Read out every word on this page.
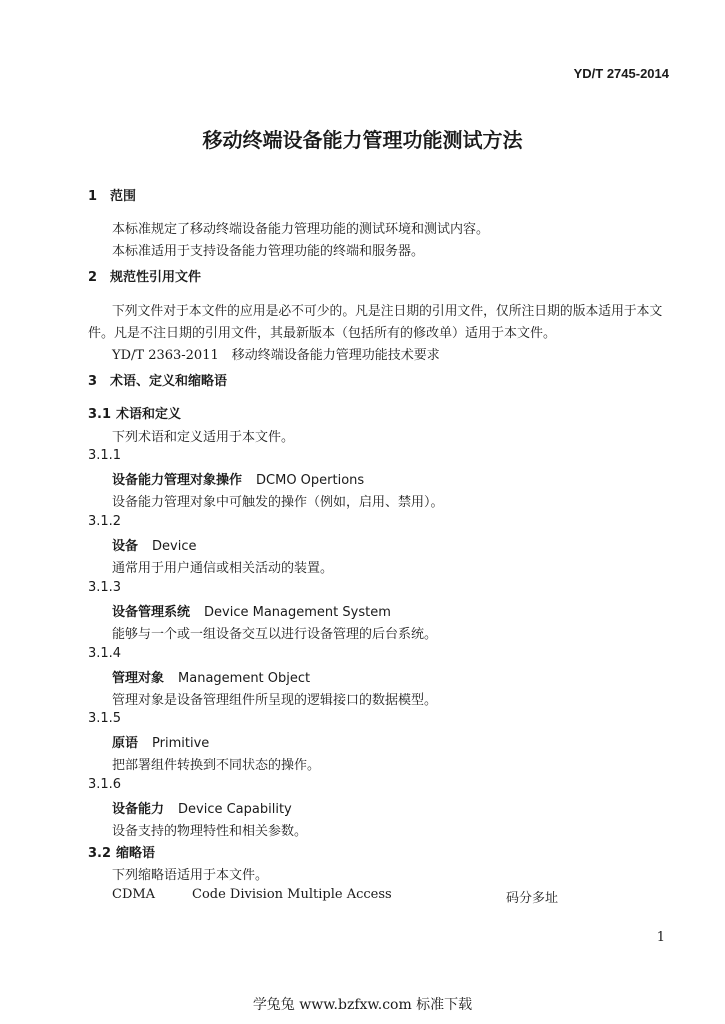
YD/T 2745-2014
移动终端设备能力管理功能测试方法
1 范围
本标准规定了移动终端设备能力管理功能的测试环境和测试内容。
本标准适用于支持设备能力管理功能的终端和服务器。
2 规范性引用文件
下列文件对于本文件的应用是必不可少的。凡是注日期的引用文件，仅所注日期的版本适用于本文
件。凡是不注日期的引用文件，其最新版本（包括所有的修改单）适用于本文件。
YD/T 2363-2011　移动终端设备能力管理功能技术要求
3 术语、定义和缩略语
3.1 术语和定义
下列术语和定义适用于本文件。
3.1.1
设备能力管理对象操作 DCMO Opertions
设备能力管理对象中可触发的操作（例如，启用、禁用）。
3.1.2
设备 Device
通常用于用户通信或相关活动的装置。
3.1.3
设备管理系统 Device Management System
能够与一个或一组设备交互以进行设备管理的后台系统。
3.1.4
管理对象 Management Object
管理对象是设备管理组件所呈现的逻辑接口的数据模型。
3.1.5
原语 Primitive
把部署组件转换到不同状态的操作。
3.1.6
设备能力 Device Capability
设备支持的物理特性和相关参数。
3.2 缩略语
下列缩略语适用于本文件。
CDMA	Code Division Multiple Access	码分多址
1
学兔兔 www.bzfxw.com 标准下载
